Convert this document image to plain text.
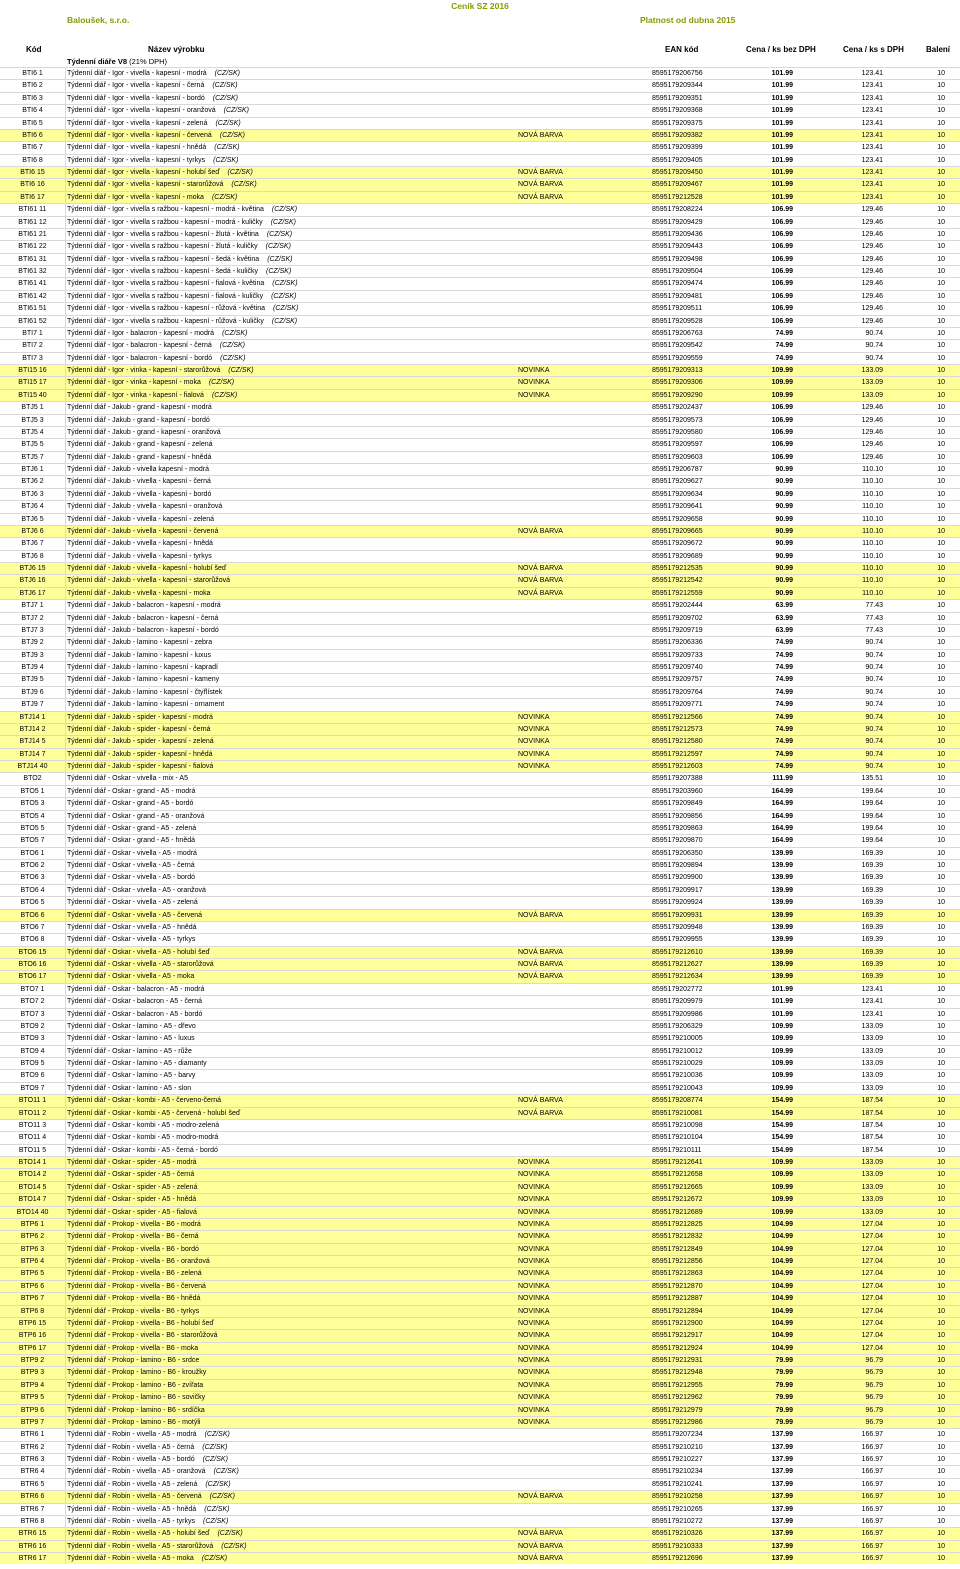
Ceník SZ 2016
Baloušek, s.r.o.	Platnost od dubna 2015
Kód	Název výrobku	EAN kód	Cena / ks bez DPH	Cena / ks s DPH	Balení
Týdenní diáře V8 (21% DPH)
BTI6 1	Týdenní diář - Igor - vivella - kapesní - modrá (CZ/SK)	8595179206756	101.99	123.41	10
BTI6 2	Týdenní diář - Igor - vivella - kapesní - černá (CZ/SK)	8595179209344	101.99	123.41	10
BTI6 3	Týdenní diář - Igor - vivella - kapesní - bordó (CZ/SK)	8595179209351	101.99	123.41	10
BTI6 4	Týdenní diář - Igor - vivella - kapesní - oranžová (CZ/SK)	8595179209368	101.99	123.41	10
BTI6 5	Týdenní diář - Igor - vivella - kapesní - zelená (CZ/SK)	8595179209375	101.99	123.41	10
BTI6 6	Týdenní diář - Igor - vivella - kapesní - červená (CZ/SK)	NOVÁ BARVA	8595179209382	101.99	123.41	10
BTI6 7	Týdenní diář - Igor - vivella - kapesní - hnědá (CZ/SK)	8595179209399	101.99	123.41	10
BTI6 8	Týdenní diář - Igor - vivella - kapesní - tyrkys (CZ/SK)	8595179209405	101.99	123.41	10
BTI6 15	Týdenní diář - Igor - vivella - kapesní - holubí šeď (CZ/SK)	NOVÁ BARVA	8595179209450	101.99	123.41	10
BTI6 16	Týdenní diář - Igor - vivella - kapesní - starorůžová (CZ/SK)	NOVÁ BARVA	8595179209467	101.99	123.41	10
BTI6 17	Týdenní diář - Igor - vivella - kapesní - moka (CZ/SK)	NOVÁ BARVA	8595179212528	101.99	123.41	10
BTI61 11	Týdenní diář - Igor - vivella s ražbou - kapesní - modrá - květina (CZ/SK)	8595179208224	106.99	129.46	10
BTI61 12	Týdenní diář - Igor - vivella s ražbou - kapesní - modrá - kuličky (CZ/SK)	8595179209429	106.99	129.46	10
BTI61 21	Týdenní diář - Igor - vivella s ražbou - kapesní - žlutá - květina (CZ/SK)	8595179209436	106.99	129.46	10
BTI61 22	Týdenní diář - Igor - vivella s ražbou - kapesní - žlutá - kuličky (CZ/SK)	8595179209443	106.99	129.46	10
BTI61 31	Týdenní diář - Igor - vivella s ražbou - kapesní - šedá - květina (CZ/SK)	8595179209498	106.99	129.46	10
BTI61 32	Týdenní diář - Igor - vivella s ražbou - kapesní - šedá - kuličky (CZ/SK)	8595179209504	106.99	129.46	10
BTI61 41	Týdenní diář - Igor - vivella s ražbou - kapesní - fialová - květina (CZ/SK)	8595179209474	106.99	129.46	10
BTI61 42	Týdenní diář - Igor - vivella s ražbou - kapesní - fialová - kuličky (CZ/SK)	8595179209481	106.99	129.46	10
BTI61 51	Týdenní diář - Igor - vivella s ražbou - kapesní - růžová - květina (CZ/SK)	8595179209511	106.99	129.46	10
BTI61 52	Týdenní diář - Igor - vivella s ražbou - kapesní - růžová - kuličky (CZ/SK)	8595179209528	106.99	129.46	10
BTI7 1	Týdenní diář - Igor - balacron - kapesní - modrá (CZ/SK)	8595179206763	74.99	90.74	10
BTI7 2	Týdenní diář - Igor - balacron - kapesní - černá (CZ/SK)	8595179209542	74.99	90.74	10
BTI7 3	Týdenní diář - Igor - balacron - kapesní - bordó (CZ/SK)	8595179209559	74.99	90.74	10
BTI15 16	Týdenní diář - Igor - vinka - kapesní - starorůžová (CZ/SK)	NOVINKA	8595179209313	109.99	133.09	10
BTI15 17	Týdenní diář - Igor - vinka - kapesní - moka (CZ/SK)	NOVINKA	8595179209306	109.99	133.09	10
BTI15 40	Týdenní diář - Igor - vinka - kapesní - fialová (CZ/SK)	NOVINKA	8595179209290	109.99	133.09	10
BTJ5 1	Týdenní diář - Jakub - grand - kapesní - modrá	8595179202437	106.99	129.46	10
BTJ5 3	Týdenní diář - Jakub - grand - kapesní - bordó	8595179209573	106.99	129.46	10
BTJ5 4	Týdenní diář - Jakub - grand - kapesní - oranžová	8595179209580	106.99	129.46	10
BTJ5 5	Týdenní diář - Jakub - grand - kapesní - zelená	8595179209597	106.99	129.46	10
BTJ5 7	Týdenní diář - Jakub - grand - kapesní - hnědá	8595179209603	106.99	129.46	10
BTJ6 1	Týdenní diář - Jakub - vivella kapesní - modrá	8595179206787	90.99	110.10	10
BTJ6 2	Týdenní diář - Jakub - vivella - kapesní - černá	8595179209627	90.99	110.10	10
BTJ6 3	Týdenní diář - Jakub - vivella - kapesní - bordó	8595179209634	90.99	110.10	10
BTJ6 4	Týdenní diář - Jakub - vivella - kapesní - oranžová	8595179209641	90.99	110.10	10
BTJ6 5	Týdenní diář - Jakub - vivella - kapesní - zelená	8595179209658	90.99	110.10	10
BTJ6 6	Týdenní diář - Jakub - vivella - kapesní - červená	NOVÁ BARVA	8595179209665	90.99	110.10	10
BTJ6 7	Týdenní diář - Jakub - vivella - kapesní - hnědá	8595179209672	90.99	110.10	10
BTJ6 8	Týdenní diář - Jakub - vivella - kapesní - tyrkys	8595179209689	90.99	110.10	10
BTJ6 15	Týdenní diář - Jakub - vivella - kapesní - holubí šeď	NOVÁ BARVA	8595179212535	90.99	110.10	10
BTJ6 16	Týdenní diář - Jakub - vivella - kapesní - starorůžová	NOVÁ BARVA	8595179212542	90.99	110.10	10
BTJ6 17	Týdenní diář - Jakub - vivella - kapesní - moka	NOVÁ BARVA	8595179212559	90.99	110.10	10
BTJ7 1	Týdenní diář - Jakub - balacron - kapesní - modrá	8595179202444	63.99	77.43	10
BTJ7 2	Týdenní diář - Jakub - balacron - kapesní - černá	8595179209702	63.99	77.43	10
BTJ7 3	Týdenní diář - Jakub - balacron - kapesní - bordó	8595179209719	63.99	77.43	10
BTJ9 2	Týdenní diář - Jakub - lamino - kapesní - zebra	8595179206336	74.99	90.74	10
BTJ9 3	Týdenní diář - Jakub - lamino - kapesní - luxus	8595179209733	74.99	90.74	10
BTJ9 4	Týdenní diář - Jakub - lamino - kapesní - kapradí	8595179209740	74.99	90.74	10
BTJ9 5	Týdenní diář - Jakub - lamino - kapesní - kameny	8595179209757	74.99	90.74	10
BTJ9 6	Týdenní diář - Jakub - lamino - kapesní - čtyřlístek	8595179209764	74.99	90.74	10
BTJ9 7	Týdenní diář - Jakub - lamino - kapesní - ornament	8595179209771	74.99	90.74	10
BTJ14 1	Týdenní diář - Jakub - spider - kapesní - modrá	NOVINKA	8595179212566	74.99	90.74	10
BTJ14 2	Týdenní diář - Jakub - spider - kapesní - černá	NOVINKA	8595179212573	74.99	90.74	10
BTJ14 5	Týdenní diář - Jakub - spider - kapesní - zelená	NOVINKA	8595179212580	74.99	90.74	10
BTJ14 7	Týdenní diář - Jakub - spider - kapesní - hnědá	NOVINKA	8595179212597	74.99	90.74	10
BTJ14 40	Týdenní diář - Jakub - spider - kapesní - fialová	NOVINKA	8595179212603	74.99	90.74	10
BTO2	Týdenní diář - Oskar - vivella - mix - A5	8595179207388	111.99	135.51	10
BTO5 1	Týdenní diář - Oskar - grand - A5 - modrá	8595179203960	164.99	199.64	10
BTO5 3	Týdenní diář - Oskar - grand - A5 - bordó	8595179209849	164.99	199.64	10
BTO5 4	Týdenní diář - Oskar - grand - A5 - oranžová	8595179209856	164.99	199.64	10
BTO5 5	Týdenní diář - Oskar - grand - A5 - zelená	8595179209863	164.99	199.64	10
BTO5 7	Týdenní diář - Oskar - grand - A5 - hnědá	8595179209870	164.99	199.64	10
BTO6 1	Týdenní diář - Oskar - vivella - A5 - modrá	8595179206350	139.99	169.39	10
BTO6 2	Týdenní diář - Oskar - vivella - A5 - černá	8595179209894	139.99	169.39	10
BTO6 3	Týdenní diář - Oskar - vivella - A5 - bordó	8595179209900	139.99	169.39	10
BTO6 4	Týdenní diář - Oskar - vivella - A5 - oranžová	8595179209917	139.99	169.39	10
BTO6 5	Týdenní diář - Oskar - vivella - A5 - zelená	8595179209924	139.99	169.39	10
BTO6 6	Týdenní diář - Oskar - vivella - A5 - červená	NOVÁ BARVA	8595179209931	139.99	169.39	10
BTO6 7	Týdenní diář - Oskar - vivella - A5 - hnědá	8595179209948	139.99	169.39	10
BTO6 8	Týdenní diář - Oskar - vivella - A5 - tyrkys	8595179209955	139.99	169.39	10
BTO6 15	Týdenní diář - Oskar - vivella - A5 - holubí šeď	NOVÁ BARVA	8595179212610	139.99	169.39	10
BTO6 16	Týdenní diář - Oskar - vivella - A5 - starorůžová	NOVÁ BARVA	8595179212627	139.99	169.39	10
BTO6 17	Týdenní diář - Oskar - vivella - A5 - moka	NOVÁ BARVA	8595179212634	139.99	169.39	10
BTO7 1	Týdenní diář - Oskar - balacron - A5 - modrá	8595179202772	101.99	123.41	10
BTO7 2	Týdenní diář - Oskar - balacron - A5 - černá	8595179209979	101.99	123.41	10
BTO7 3	Týdenní diář - Oskar - balacron - A5 - bordó	8595179209986	101.99	123.41	10
BTO9 2	Týdenní diář - Oskar - lamino - A5 - dřevo	8595179206329	109.99	133.09	10
BTO9 3	Týdenní diář - Oskar - lamino - A5 - luxus	8595179210005	109.99	133.09	10
BTO9 4	Týdenní diář - Oskar - lamino - A5 - růže	8595179210012	109.99	133.09	10
BTO9 5	Týdenní diář - Oskar - lamino - A5 - diamanty	8595179210029	109.99	133.09	10
BTO9 6	Týdenní diář - Oskar - lamino - A5 - barvy	8595179210036	109.99	133.09	10
BTO9 7	Týdenní diář - Oskar - lamino - A5 - slon	8595179210043	109.99	133.09	10
BTO11 1	Týdenní diář - Oskar - kombi - A5 - červeno-černá	NOVÁ BARVA	8595179208774	154.99	187.54	10
BTO11 2	Týdenní diář - Oskar - kombi - A5 - červená - holubí šeď	NOVÁ BARVA	8595179210081	154.99	187.54	10
BTO11 3	Týdenní diář - Oskar - kombi - A5 - modro-zelená	8595179210098	154.99	187.54	10
BTO11 4	Týdenní diář - Oskar - kombi - A5 - modro-modrá	8595179210104	154.99	187.54	10
BTO11 5	Týdenní diář - Oskar - kombi - A5 - černá - bordó	8595179210111	154.99	187.54	10
BTO14 1	Týdenní diář - Oskar - spider - A5 - modrá	NOVINKA	8595179212641	109.99	133.09	10
BTO14 2	Týdenní diář - Oskar - spider - A5 - černá	NOVINKA	8595179212658	109.99	133.09	10
BTO14 5	Týdenní diář - Oskar - spider - A5 - zelená	NOVINKA	8595179212665	109.99	133.09	10
BTO14 7	Týdenní diář - Oskar - spider - A5 - hnědá	NOVINKA	8595179212672	109.99	133.09	10
BTO14 40	Týdenní diář - Oskar - spider - A5 - fialová	NOVINKA	8595179212689	109.99	133.09	10
BTP6 1	Týdenní diář - Prokop - vivella - B6 - modrá	NOVINKA	8595179212825	104.99	127.04	10
BTP6 2	Týdenní diář - Prokop - vivella - B6 - černá	NOVINKA	8595179212832	104.99	127.04	10
BTP6 3	Týdenní diář - Prokop - vivella - B6 - bordó	NOVINKA	8595179212849	104.99	127.04	10
BTP6 4	Týdenní diář - Prokop - vivella - B6 - oranžová	NOVINKA	8595179212856	104.99	127.04	10
BTP6 5	Týdenní diář - Prokop - vivella - B6 - zelená	NOVINKA	8595179212863	104.99	127.04	10
BTP6 6	Týdenní diář - Prokop - vivella - B6 - červená	NOVINKA	8595179212870	104.99	127.04	10
BTP6 7	Týdenní diář - Prokop - vivella - B6 - hnědá	NOVINKA	8595179212887	104.99	127.04	10
BTP6 8	Týdenní diář - Prokop - vivella - B6 - tyrkys	NOVINKA	8595179212894	104.99	127.04	10
BTP6 15	Týdenní diář - Prokop - vivella - B6 - holubí šeď	NOVINKA	8595179212900	104.99	127.04	10
BTP6 16	Týdenní diář - Prokop - vivella - B6 - starorůžová	NOVINKA	8595179212917	104.99	127.04	10
BTP6 17	Týdenní diář - Prokop - vivella - B6 - moka	NOVINKA	8595179212924	104.99	127.04	10
BTP9 2	Týdenní diář - Prokop - lamino - B6 - srdce	NOVINKA	8595179212931	79.99	96.79	10
BTP9 3	Týdenní diář - Prokop - lamino - B6 - kroužky	NOVINKA	8595179212948	79.99	96.79	10
BTP9 4	Týdenní diář - Prokop - lamino - B6 - zvířata	NOVINKA	8595179212955	79.99	96.79	10
BTP9 5	Týdenní diář - Prokop - lamino - B6 - sovičky	NOVINKA	8595179212962	79.99	96.79	10
BTP9 6	Týdenní diář - Prokop - lamino - B6 - srdíčka	NOVINKA	8595179212979	79.99	96.79	10
BTP9 7	Týdenní diář - Prokop - lamino - B6 - motýli	NOVINKA	8595179212986	79.99	96.79	10
BTR6 1	Týdenní diář - Robin - vivella - A5 - modrá (CZ/SK)	8595179207234	137.99	166.97	10
BTR6 2	Týdenní diář - Robin - vivella - A5 - černá (CZ/SK)	8595179210210	137.99	166.97	10
BTR6 3	Týdenní diář - Robin - vivella - A5 - bordó (CZ/SK)	8595179210227	137.99	166.97	10
BTR6 4	Týdenní diář - Robin - vivella - A5 - oranžová (CZ/SK)	8595179210234	137.99	166.97	10
BTR6 5	Týdenní diář - Robin - vivella - A5 - zelená (CZ/SK)	8595179210241	137.99	166.97	10
BTR6 6	Týdenní diář - Robin - vivella - A5 - červená (CZ/SK)	NOVÁ BARVA	8595179210258	137.99	166.97	10
BTR6 7	Týdenní diář - Robin - vivella - A5 - hnědá (CZ/SK)	8595179210265	137.99	166.97	10
BTR6 8	Týdenní diář - Robin - vivella - A5 - tyrkys (CZ/SK)	8595179210272	137.99	166.97	10
BTR6 15	Týdenní diář - Robin - vivella - A5 - holubí šeď (CZ/SK)	NOVÁ BARVA	8595179210326	137.99	166.97	10
BTR6 16	Týdenní diář - Robin - vivella - A5 - starorůžová (CZ/SK)	NOVÁ BARVA	8595179210333	137.99	166.97	10
BTR6 17	Týdenní diář - Robin - vivella - A5 - moka (CZ/SK)	NOVÁ BARVA	8595179212696	137.99	166.97	10
